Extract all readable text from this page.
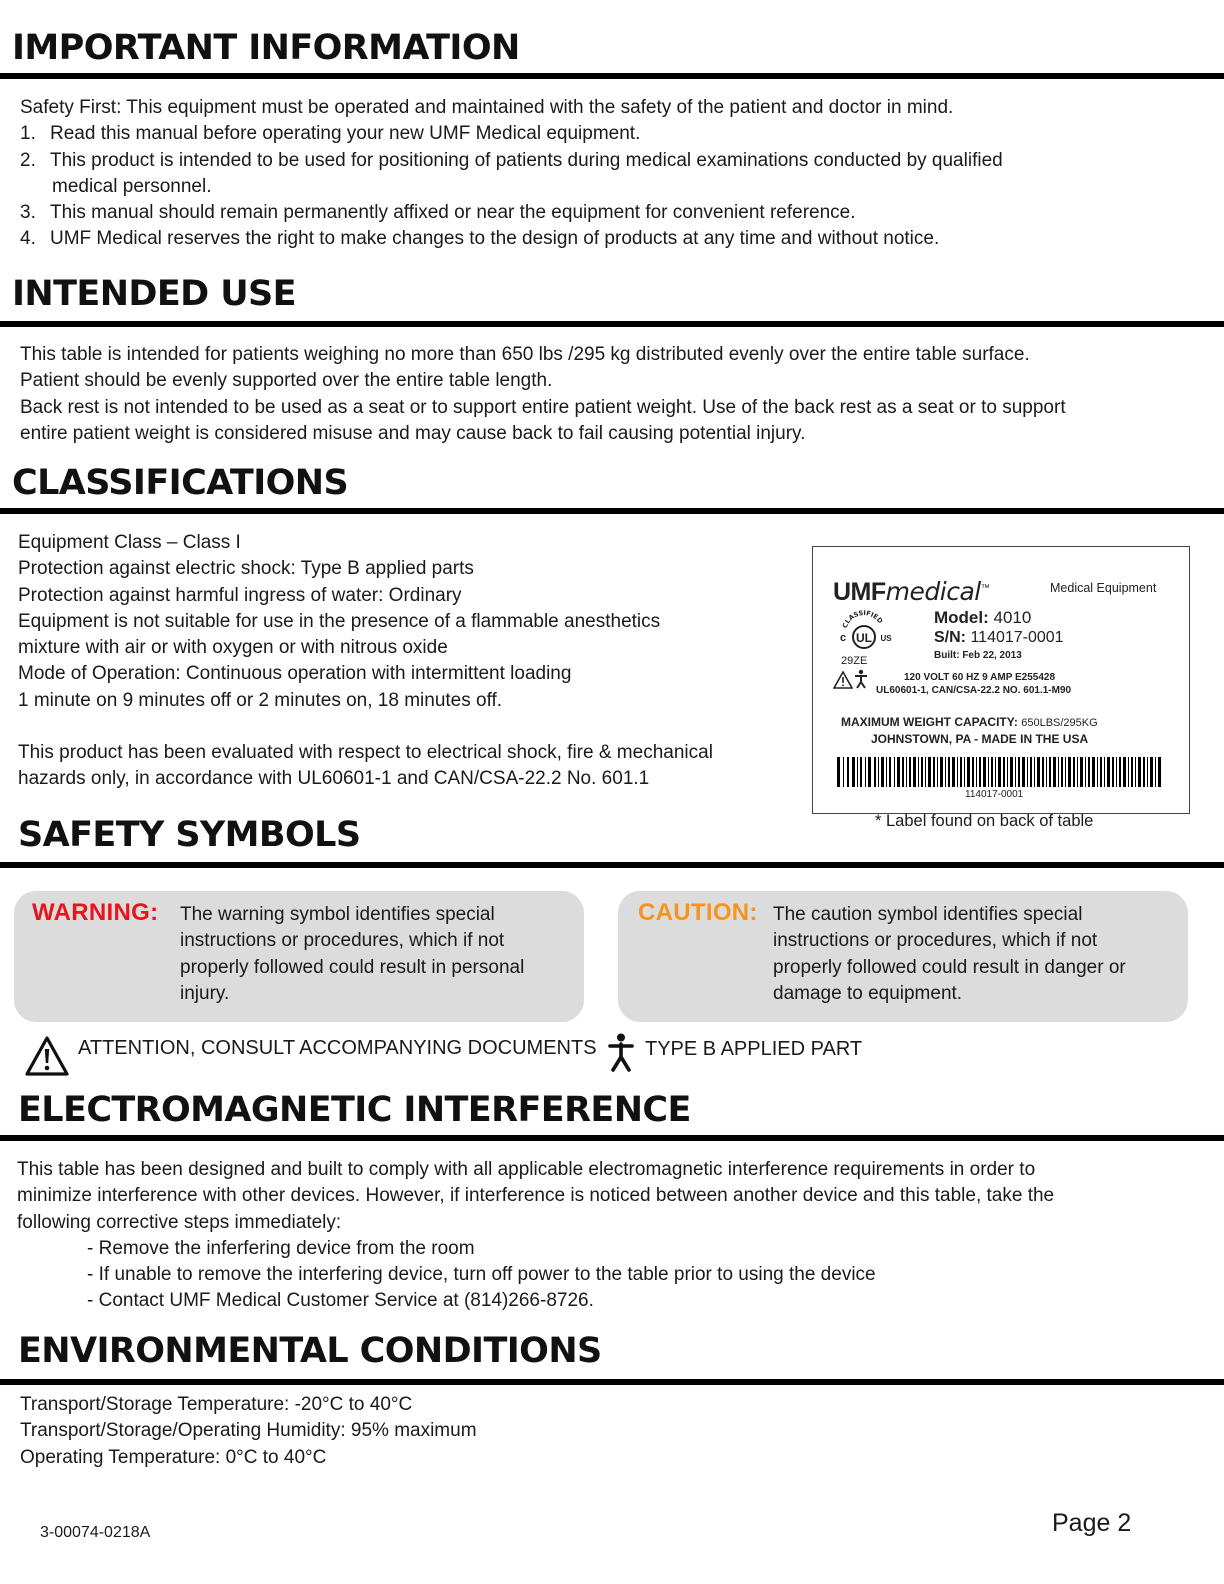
IMPORTANT INFORMATION

Safety First: This equipment must be operated and maintained with the safety of the patient and doctor in mind.

1. Read this manual before operating your new UMF Medical equipment.

2. This product is intended to be used for positioning of patients during medical examinations conducted by qualified

medical personnel.

3. This manual should remain permanently affixed or near the equipment for convenient reference.

4. UMF Medical reserves the right to make changes to the design of products at any time and without notice.

INTENDED USE

This table is intended for patients weighing no more than 650 lbs /295 kg distributed evenly over the entire table surface.

Patient should be evenly supported over the entire table length.

Back rest is not intended to be used as a seat or to support entire patient weight. Use of the back rest as a seat or to support

entire patient weight is considered misuse and may cause back to fail causing potential injury.

CLASSIFICATIONS

Equipment Class – Class I

Protection against electric shock: Type B applied parts

Protection against harmful ingress of water: Ordinary

Equipment is not suitable for use in the presence of a flammable anesthetics

mixture with air or with oxygen or with nitrous oxide

Mode of Operation: Continuous operation with intermittent loading

1 minute on 9 minutes off or 2 minutes on, 18 minutes off.

This product has been evaluated with respect to electrical shock, fire & mechanical

hazards only, in accordance with UL60601-1 and CAN/CSA-22.2 No. 601.1

UMFmedical™	Medical Equipment
CLASSIFIED
UL
c	US
29ZE
Model: 4010
S/N: 114017-0001
Built: Feb 22, 2013
120 VOLT 60 HZ 9 AMP E255428
UL60601-1, CAN/CSA-22.2 NO. 601.1-M90
MAXIMUM WEIGHT CAPACITY: 650LBS/295KG
JOHNSTOWN, PA - MADE IN THE USA
114017-0001
* Label found on back of table
SAFETY SYMBOLS
WARNING: The warning symbol identifies special
instructions or procedures, which if not
properly followed could result in personal
injury.
CAUTION: The caution symbol identifies special
instructions or procedures, which if not
properly followed could result in danger or
damage to equipment.
ATTENTION, CONSULT ACCOMPANYING DOCUMENTS TYPE B APPLIED PART
ELECTROMAGNETIC INTERFERENCE

This table has been designed and built to comply with all applicable electromagnetic interference requirements in order to

minimize interference with other devices. However, if interference is noticed between another device and this table, take the

following corrective steps immediately:

- Remove the inferfering device from the room

- If unable to remove the interfering device, turn off power to the table prior to using the device

- Contact UMF Medical Customer Service at (814)266-8726.

ENVIRONMENTAL CONDITIONS

Transport/Storage Temperature: -20°C to 40°C

Transport/Storage/Operating Humidity: 95% maximum

Operating Temperature: 0°C to 40°C

3-00074-0218A	Page 2
